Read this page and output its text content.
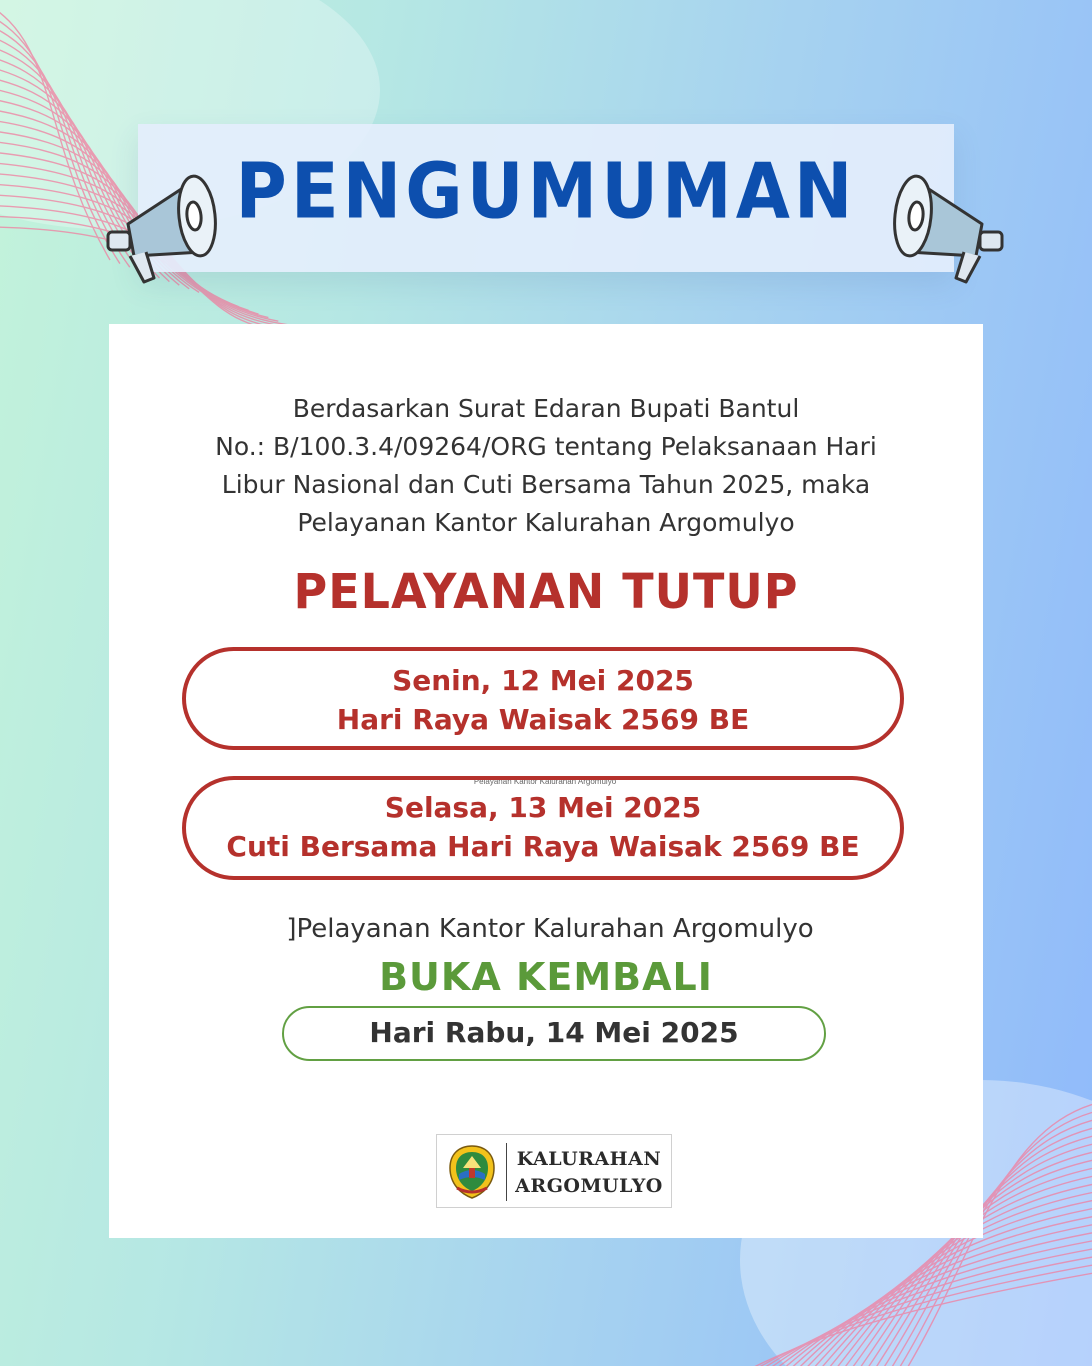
PENGUMUMAN
Berdasarkan Surat Edaran Bupati Bantul
No.: B/100.3.4/09264/ORG tentang Pelaksanaan Hari
Libur Nasional dan Cuti Bersama Tahun 2025, maka
Pelayanan Kantor Kalurahan Argomulyo
PELAYANAN TUTUP
Senin, 12 Mei 2025
Hari Raya Waisak 2569 BE
Pelayanan Kantor Kalurahan Argomulyo
Selasa, 13 Mei 2025
Cuti Bersama Hari Raya Waisak 2569 BE
]Pelayanan Kantor Kalurahan Argomulyo
BUKA KEMBALI
Hari Rabu, 14 Mei 2025
KALURAHAN
ARGOMULYO
